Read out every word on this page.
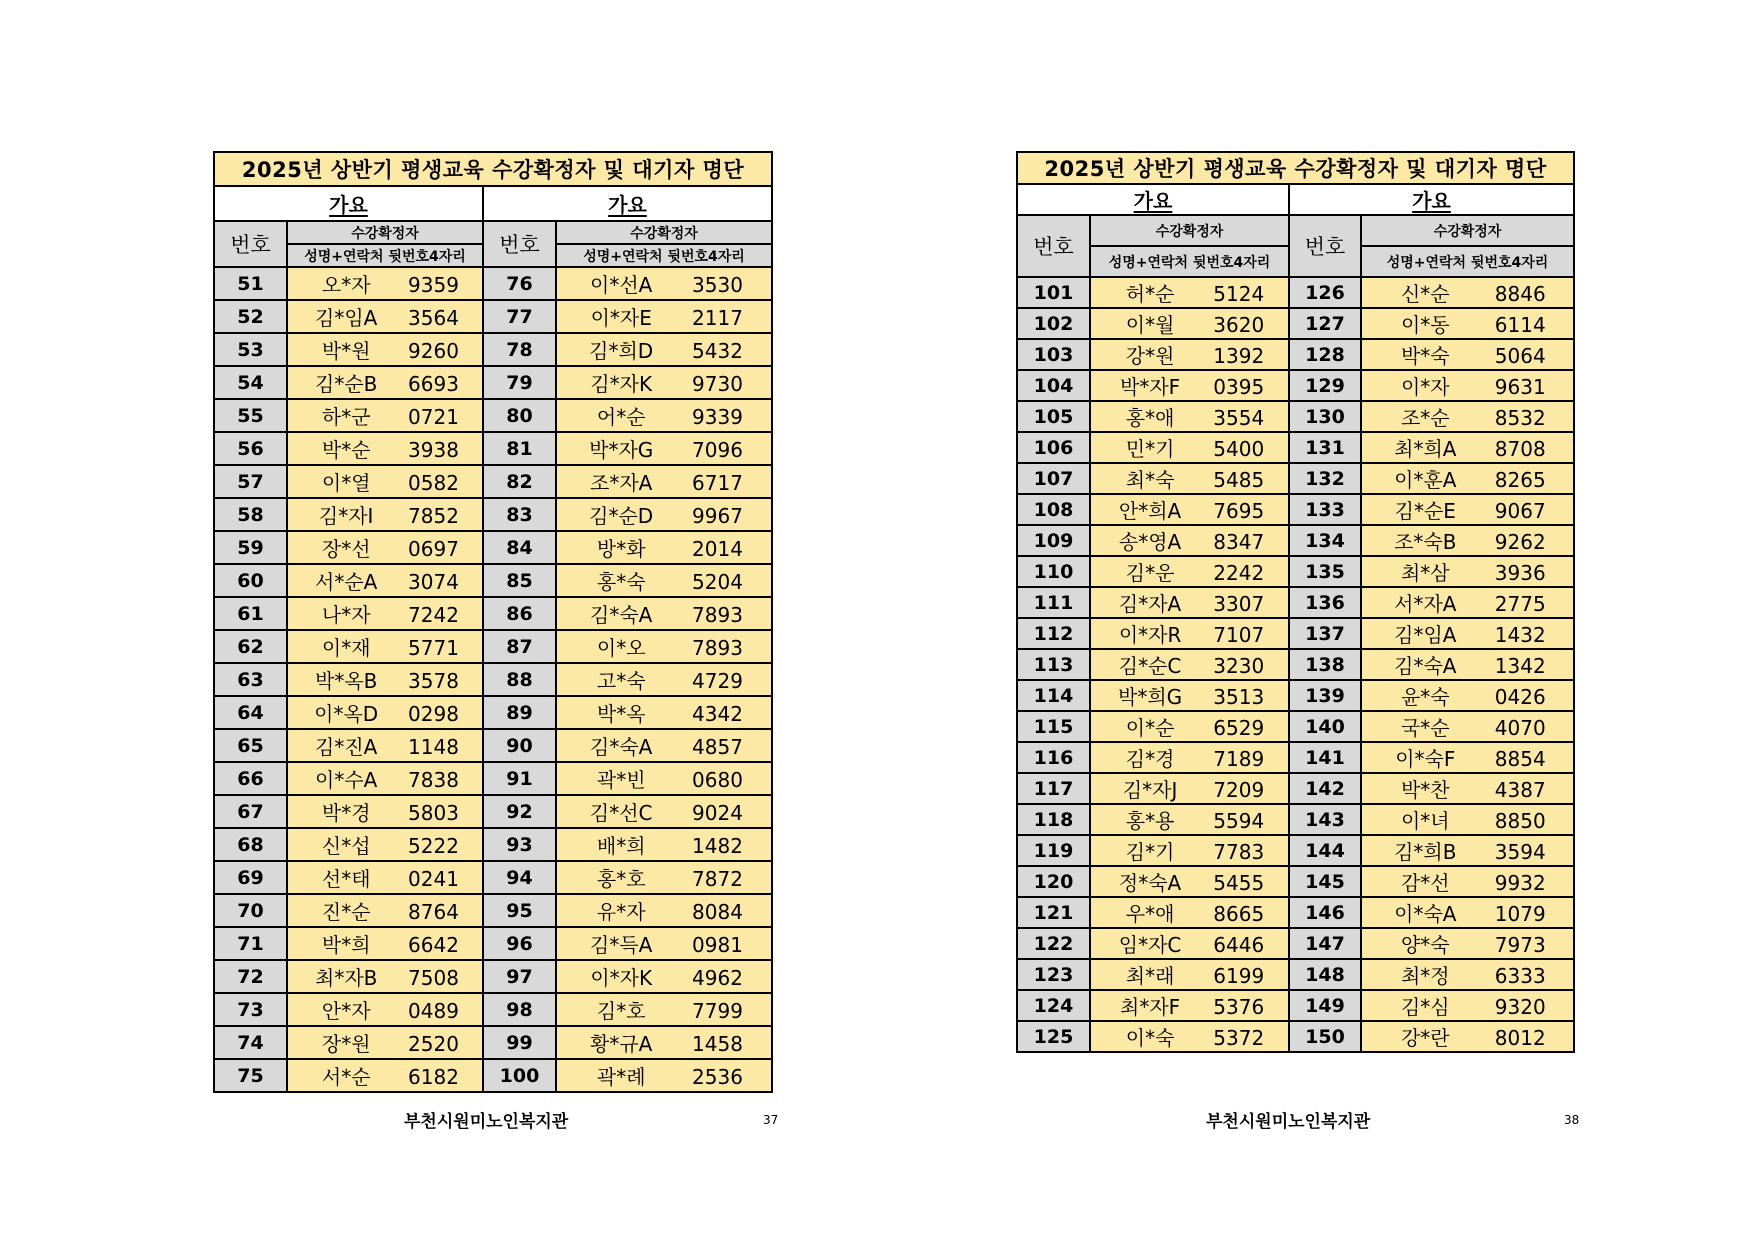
2025년 상반기 평생교육 수강확정자 및 대기자 명단			
가요		가요	
번호	수강확정자	번호	수강확정자
	성명+연락처 뒷번호4자리		성명+연락처 뒷번호4자리
51	오*자 9359	76	이*선A 3530
52	김*임A 3564	77	이*자E 2117
53	박*원 9260	78	김*희D 5432
54	김*순B 6693	79	김*자K 9730
55	하*군 0721	80	어*순 9339
56	박*순 3938	81	박*자G 7096
57	이*열 0582	82	조*자A 6717
58	김*자I 7852	83	김*순D 9967
59	장*선 0697	84	방*화 2014
60	서*순A 3074	85	홍*숙 5204
61	나*자 7242	86	김*숙A 7893
62	이*재 5771	87	이*오 7893
63	박*옥B 3578	88	고*숙 4729
64	이*옥D 0298	89	박*옥 4342
65	김*진A 1148	90	김*숙A 4857
66	이*수A 7838	91	곽*빈 0680
67	박*경 5803	92	김*선C 9024
68	신*섭 5222	93	배*희 1482
69	선*태 0241	94	홍*호 7872
70	진*순 8764	95	유*자 8084
71	박*희 6642	96	김*득A 0981
72	최*자B 7508	97	이*자K 4962
73	안*자 0489	98	김*호 7799
74	장*원 2520	99	황*규A 1458
75	서*순 6182	100	곽*례 2536
부천시원미노인복지관	37
2025년 상반기 평생교육 수강확정자 및 대기자 명단			
가요		가요	
번호	수강확정자	번호	수강확정자
	성명+연락처 뒷번호4자리		성명+연락처 뒷번호4자리
101	허*순 5124	126	신*순 8846
102	이*월 3620	127	이*동 6114
103	강*원 1392	128	박*숙 5064
104	박*자F 0395	129	이*자 9631
105	홍*애 3554	130	조*순 8532
106	민*기 5400	131	최*희A 8708
107	최*숙 5485	132	이*훈A 8265
108	안*희A 7695	133	김*순E 9067
109	송*영A 8347	134	조*숙B 9262
110	김*운 2242	135	최*삼 3936
111	김*자A 3307	136	서*자A 2775
112	이*자R 7107	137	김*임A 1432
113	김*순C 3230	138	김*숙A 1342
114	박*희G 3513	139	윤*숙 0426
115	이*순 6529	140	국*순 4070
116	김*경 7189	141	이*숙F 8854
117	김*자J 7209	142	박*찬 4387
118	홍*용 5594	143	이*녀 8850
119	김*기 7783	144	김*희B 3594
120	정*숙A 5455	145	감*선 9932
121	우*애 8665	146	이*숙A 1079
122	임*자C 6446	147	양*숙 7973
123	최*래 6199	148	최*정 6333
124	최*자F 5376	149	김*심 9320
125	이*숙 5372	150	강*란 8012
부천시원미노인복지관	38
